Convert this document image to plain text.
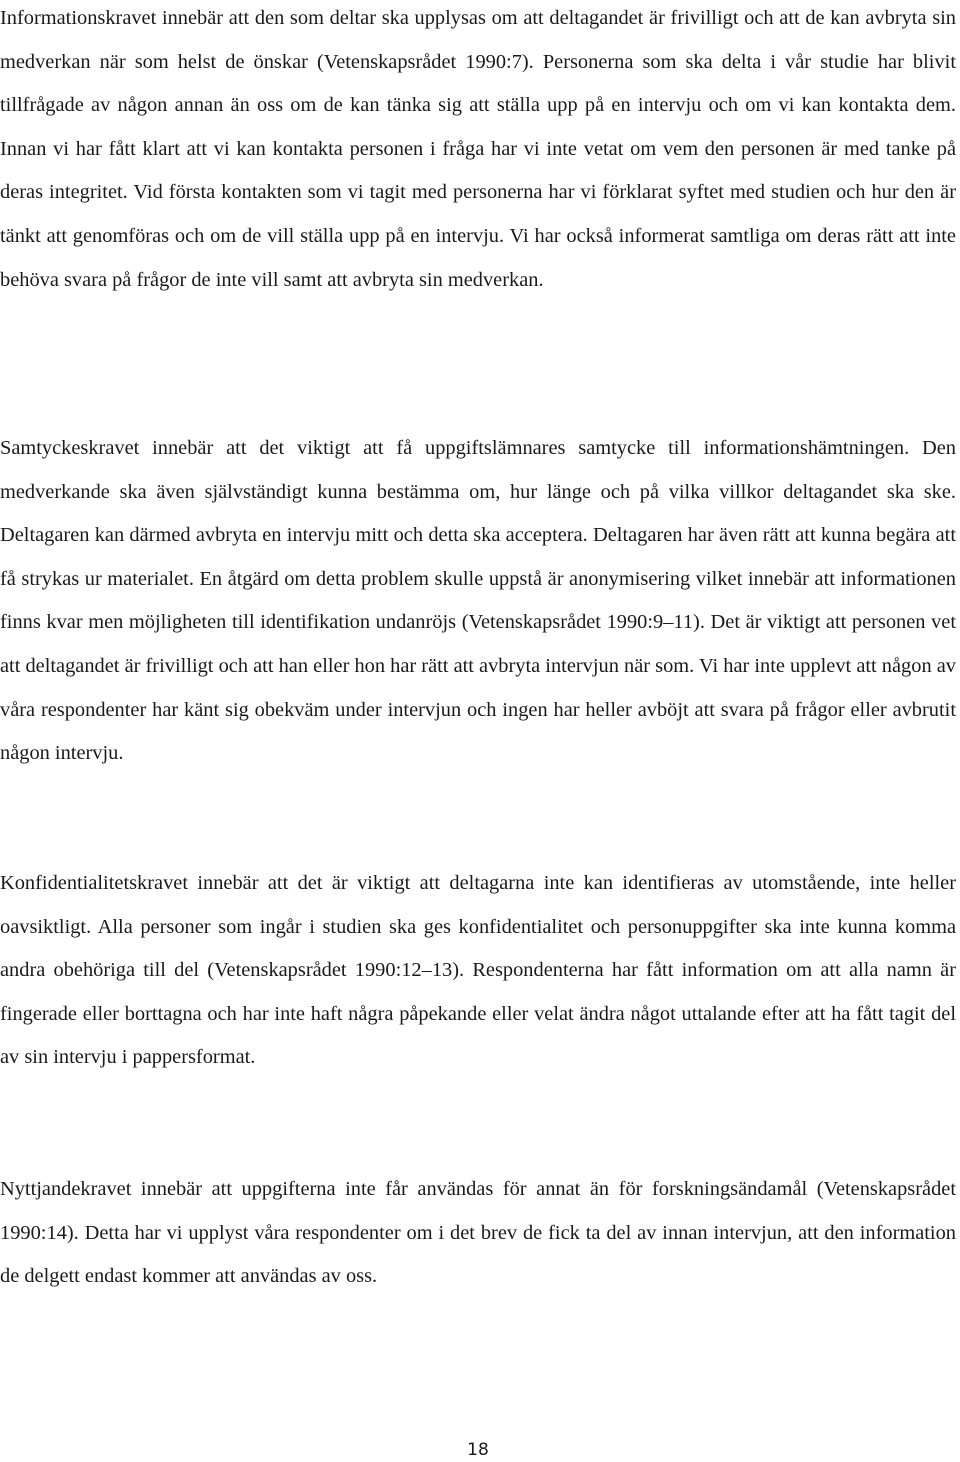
Informationskravet innebär att den som deltar ska upplysas om att deltagandet är frivilligt och att de kan avbryta sin medverkan när som helst de önskar (Vetenskapsrådet 1990:7). Personerna som ska delta i vår studie har blivit tillfrågade av någon annan än oss om de kan tänka sig att ställa upp på en intervju och om vi kan kontakta dem. Innan vi har fått klart att vi kan kontakta personen i fråga har vi inte vetat om vem den personen är med tanke på deras integritet. Vid första kontakten som vi tagit med personerna har vi förklarat syftet med studien och hur den är tänkt att genomföras och om de vill ställa upp på en intervju. Vi har också informerat samtliga om deras rätt att inte behöva svara på frågor de inte vill samt att avbryta sin medverkan.

Samtyckeskravet innebär att det viktigt att få uppgiftslämnares samtycke till informationshämtningen. Den medverkande ska även självständigt kunna bestämma om, hur länge och på vilka villkor deltagandet ska ske. Deltagaren kan därmed avbryta en intervju mitt och detta ska acceptera. Deltagaren har även rätt att kunna begära att få strykas ur materialet. En åtgärd om detta problem skulle uppstå är anonymisering vilket innebär att informationen finns kvar men möjligheten till identifikation undanröjs (Vetenskapsrådet 1990:9–11). Det är viktigt att personen vet att deltagandet är frivilligt och att han eller hon har rätt att avbryta intervjun när som. Vi har inte upplevt att någon av våra respondenter har känt sig obekväm under intervjun och ingen har heller avböjt att svara på frågor eller avbrutit någon intervju.

Konfidentialitetskravet innebär att det är viktigt att deltagarna inte kan identifieras av utomstående, inte heller oavsiktligt. Alla personer som ingår i studien ska ges konfidentialitet och personuppgifter ska inte kunna komma andra obehöriga till del (Vetenskapsrådet 1990:12–13). Respondenterna har fått information om att alla namn är fingerade eller borttagna och har inte haft några påpekande eller velat ändra något uttalande efter att ha fått tagit del av sin intervju i pappersformat.

Nyttjandekravet innebär att uppgifterna inte får användas för annat än för forskningsändamål (Vetenskapsrådet 1990:14). Detta har vi upplyst våra respondenter om i det brev de fick ta del av innan intervjun, att den information de delgett endast kommer att användas av oss.

18
